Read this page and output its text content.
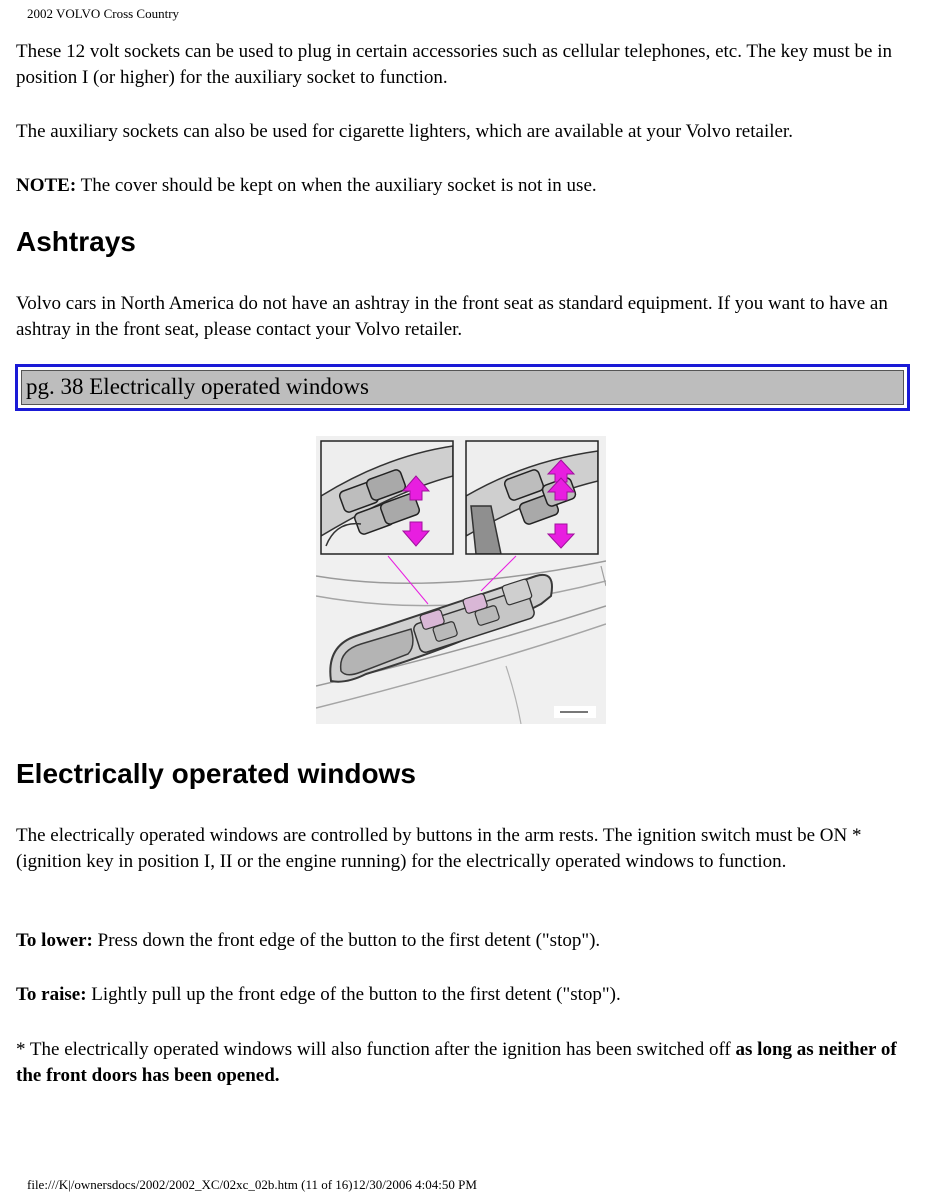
2002 VOLVO Cross Country

These 12 volt sockets can be used to plug in certain accessories such as cellular telephones, etc. The key must be in position I (or higher) for the auxiliary socket to function.

The auxiliary sockets can also be used for cigarette lighters, which are available at your Volvo retailer.

NOTE: The cover should be kept on when the auxiliary socket is not in use.

Ashtrays

Volvo cars in North America do not have an ashtray in the front seat as standard equipment. If you want to have an ashtray in the front seat, please contact your Volvo retailer.

pg. 38 Electrically operated windows
Electrically operated windows

The electrically operated windows are controlled by buttons in the arm rests. The ignition switch must be ON * (ignition key in position I, II or the engine running) for the electrically operated windows to function.

To lower: Press down the front edge of the button to the first detent ("stop").

To raise: Lightly pull up the front edge of the button to the first detent ("stop").

* The electrically operated windows will also function after the ignition has been switched off as long as neither of the front doors has been opened.

file:///K|/ownersdocs/2002/2002_XC/02xc_02b.htm (11 of 16)12/30/2006 4:04:50 PM
